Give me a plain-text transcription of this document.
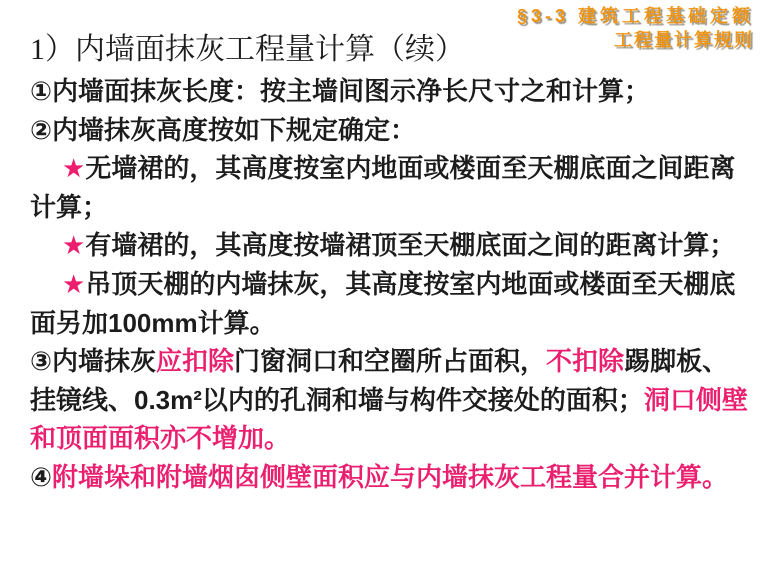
§3-3 建筑工程基础定额
工程量计算规则
1）内墙面抹灰工程量计算（续）
①内墙面抹灰长度：按主墙间图示净长尺寸之和计算；
②内墙抹灰高度按如下规定确定：
★无墙裙的，其高度按室内地面或楼面至天棚底面之间距离
计算；
★有墙裙的，其高度按墙裙顶至天棚底面之间的距离计算；
★吊顶天棚的内墙抹灰，其高度按室内地面或楼面至天棚底
面另加100mm计算。
③内墙抹灰应扣除门窗洞口和空圈所占面积，不扣除踢脚板、
挂镜线、0.3m²以内的孔洞和墙与构件交接处的面积；洞口侧壁
和顶面面积亦不增加。
④附墙垛和附墙烟囱侧壁面积应与内墙抹灰工程量合并计算。
